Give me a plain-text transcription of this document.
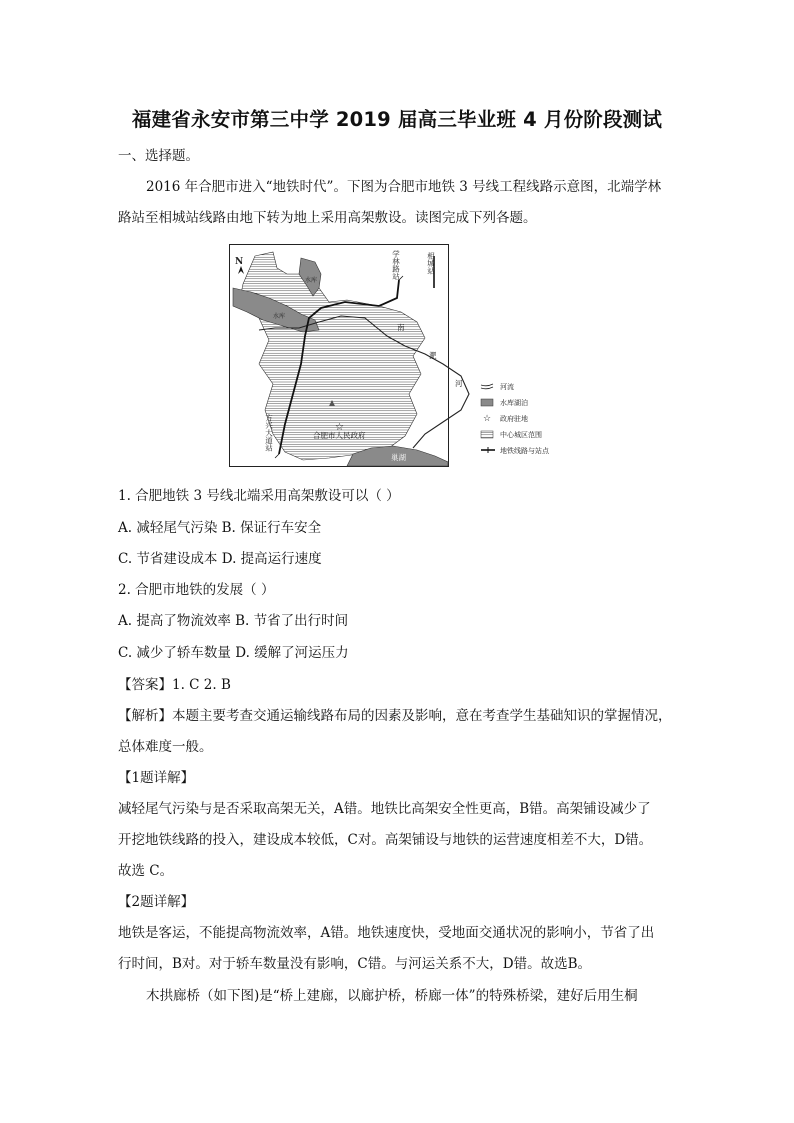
福建省永安市第三中学 2019 届高三毕业班 4 月份阶段测试
一、选择题。
2016 年合肥市进入“地铁时代”。下图为合肥市地铁 3 号线工程线路示意图，北端学林
路站至相城站线路由地下转为地上采用高架敷设。读图完成下列各题。
N	学林路站	相城站
方兴大道站	☆
合肥市人民政府
南
淝
河
巢湖
水库
水库
河流
水库湖泊
☆ 政府驻地
中心城区范围
地铁线路与站点
1. 合肥地铁 3 号线北端采用高架敷设可以（ ）
A. 减轻尾气污染 B. 保证行车安全
C. 节省建设成本 D. 提高运行速度
2. 合肥市地铁的发展（ ）
A. 提高了物流效率 B. 节省了出行时间
C. 减少了轿车数量 D. 缓解了河运压力
【答案】1. C 2. B
【解析】本题主要考查交通运输线路布局的因素及影响，意在考查学生基础知识的掌握情况，
总体难度一般。
【1题详解】
减轻尾气污染与是否采取高架无关，A错。地铁比高架安全性更高，B错。高架铺设减少了
开挖地铁线路的投入，建设成本较低，C对。高架铺设与地铁的运营速度相差不大，D错。
故选 C。
【2题详解】
地铁是客运，不能提高物流效率，A错。地铁速度快，受地面交通状况的影响小，节省了出
行时间，B对。对于轿车数量没有影响，C错。与河运关系不大，D错。故选B。
木拱廊桥（如下图)是“桥上建廊，以廊护桥，桥廊一体”的特殊桥梁，建好后用生桐
